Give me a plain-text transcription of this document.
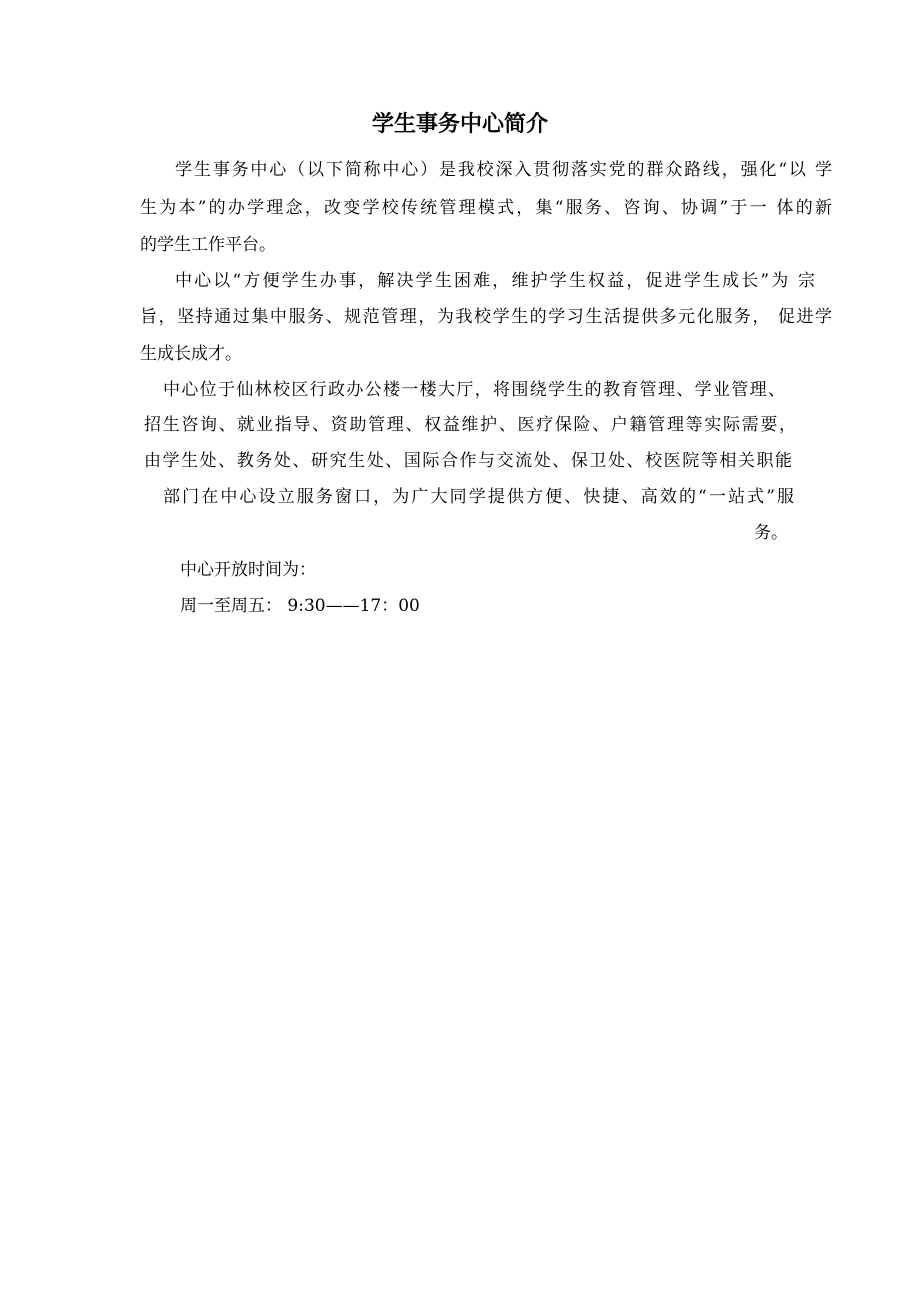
学生事务中心简介
学生事务中心（以下简称中心）是我校深入贯彻落实党的群众路线，强化“以 学
生为本”的办学理念，改变学校传统管理模式，集“服务、咨询、协调”于一 体的新
的学生工作平台。
中心以“方便学生办事，解决学生困难，维护学生权益，促进学生成长”为 宗
旨，坚持通过集中服务、规范管理，为我校学生的学习生活提供多元化服务， 促进学
生成长成才。
中心位于仙林校区行政办公楼一楼大厅，将围绕学生的教育管理、学业管理、
招生咨询、就业指导、资助管理、权益维护、医疗保险、户籍管理等实际需要，
由学生处、教务处、研究生处、国际合作与交流处、保卫处、校医院等相关职能
部门在中心设立服务窗口，为广大同学提供方便、快捷、高效的“一站式”服
务。
中心开放时间为：
周一至周五： 9:30——17：00
